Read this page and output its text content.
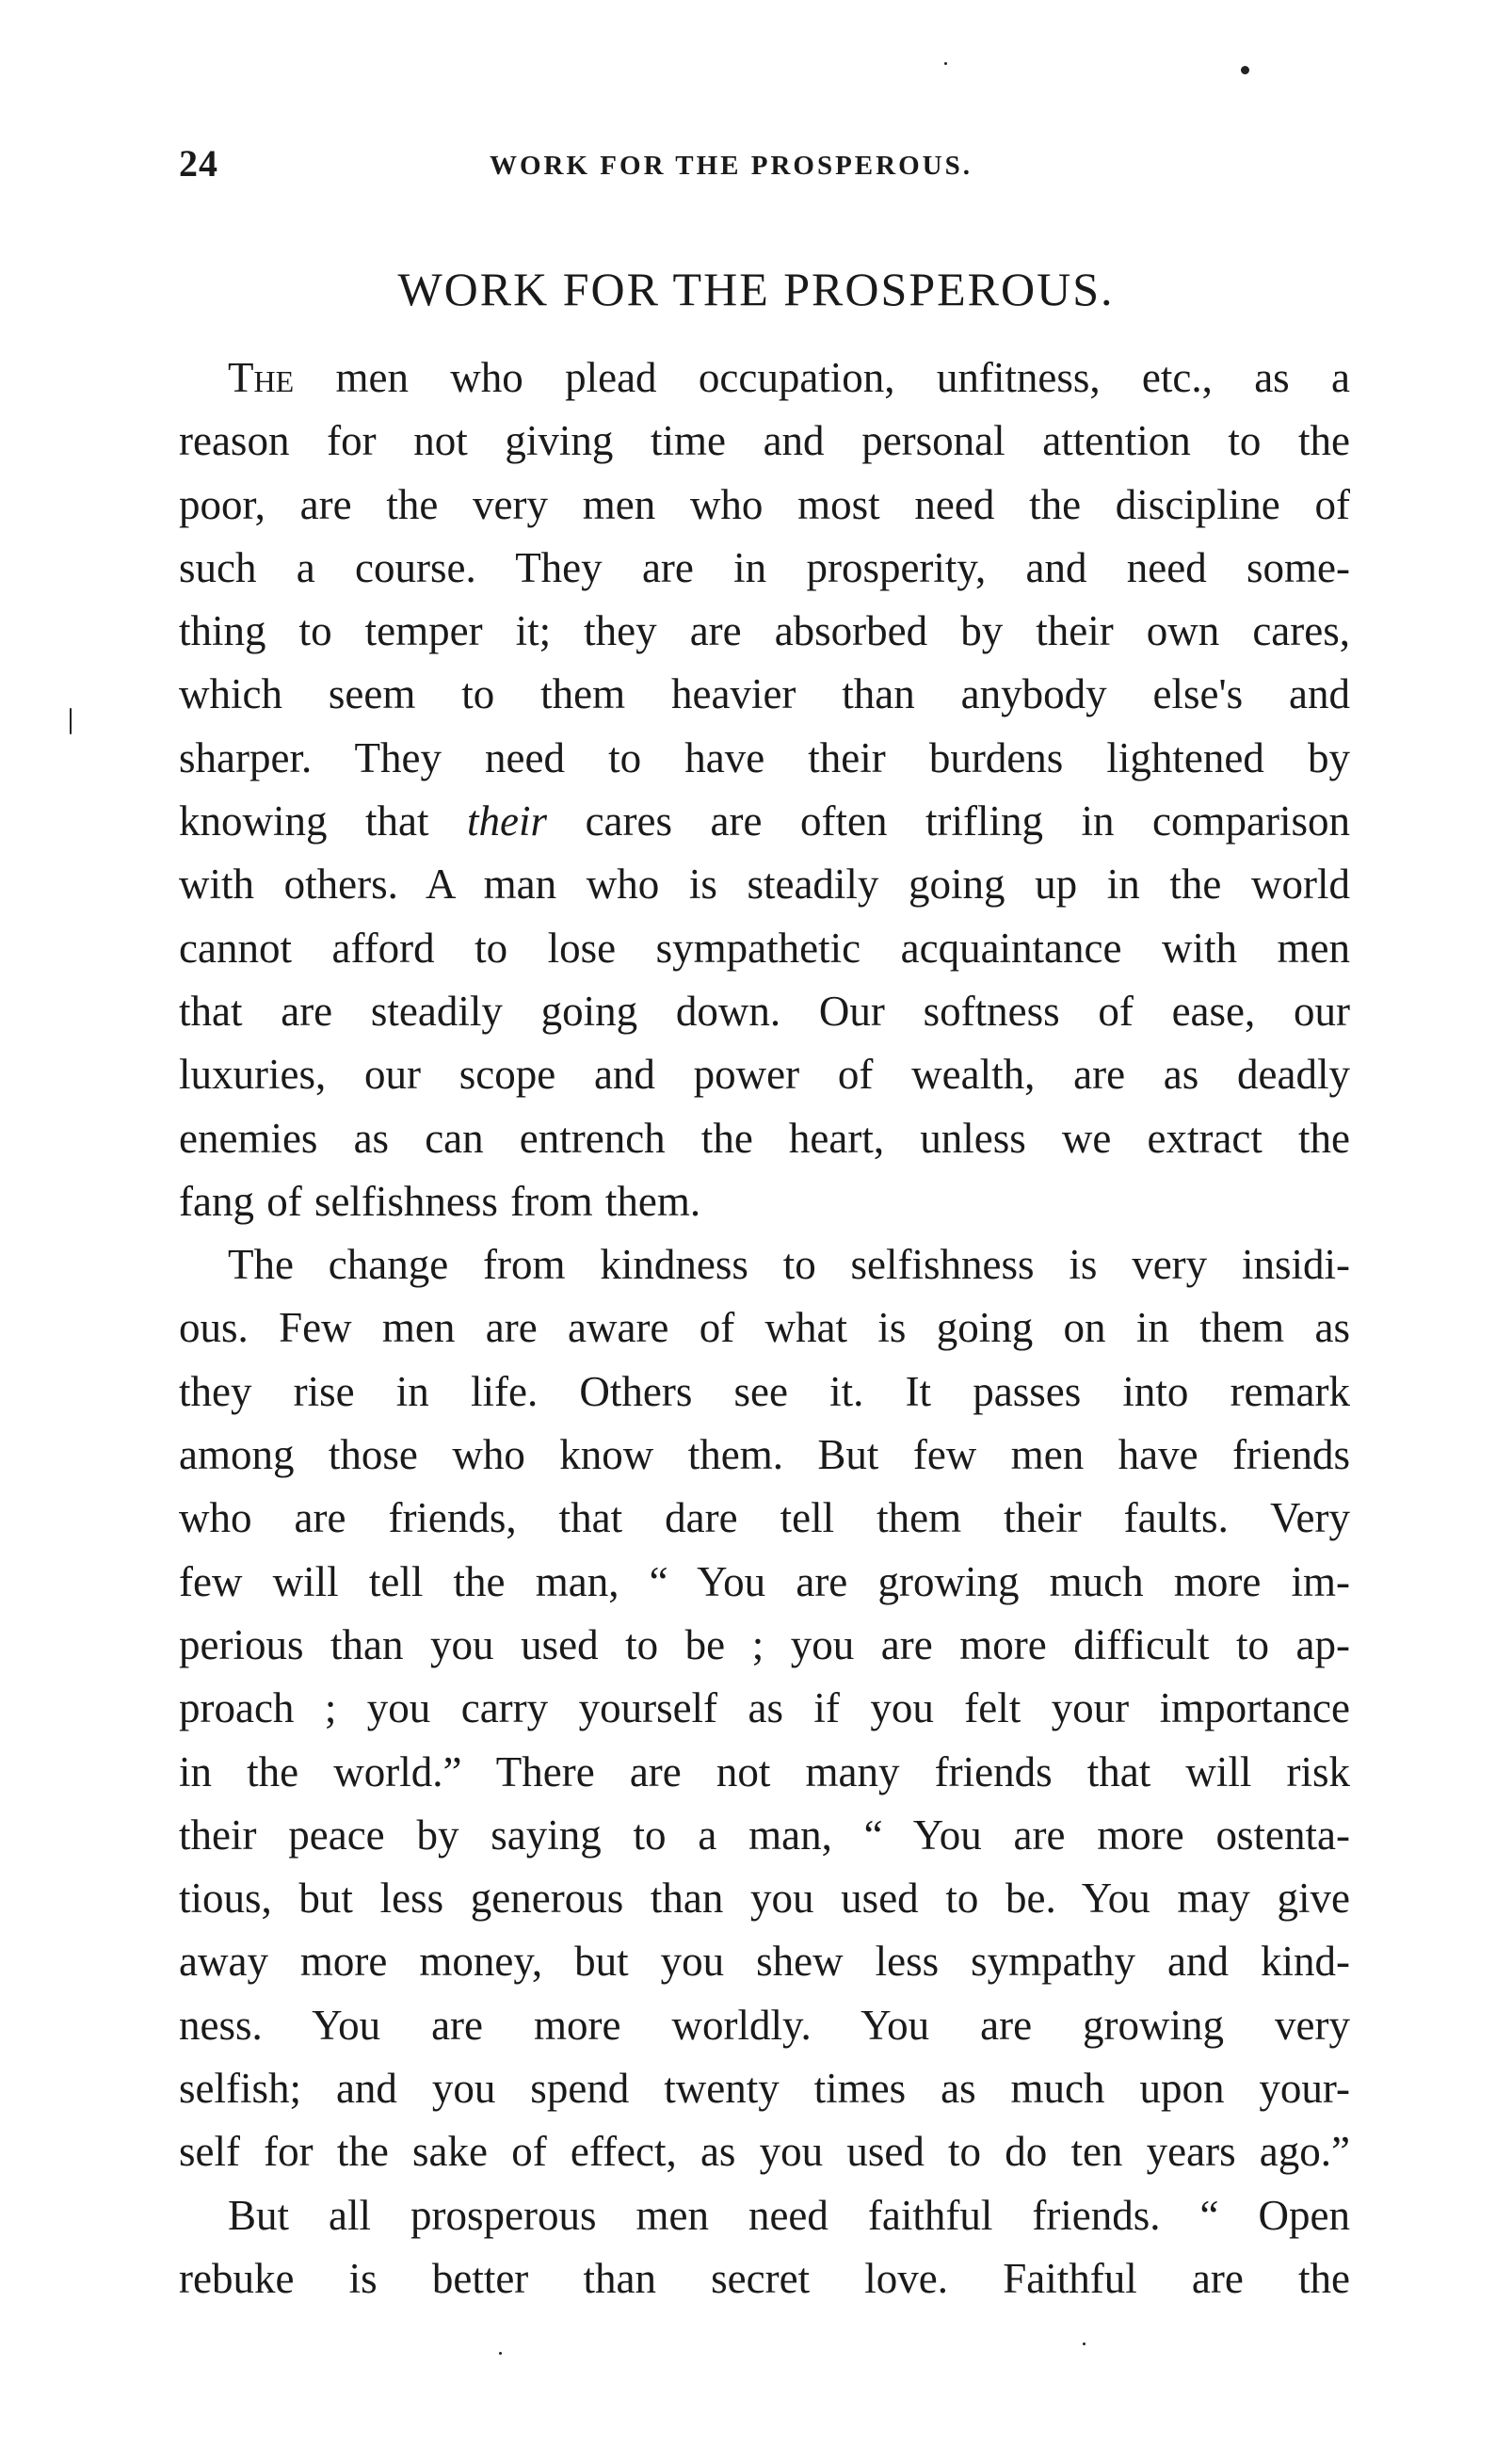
24	WORK FOR THE PROSPEROUS.
WORK FOR THE PROSPEROUS.
The men who plead occupation, unfitness, etc., as a
reason for not giving time and personal attention to the
poor, are the very men who most need the discipline of
such a course. They are in prosperity, and need some-
thing to temper it; they are absorbed by their own cares,
which seem to them heavier than anybody else's and
sharper. They need to have their burdens lightened by
knowing that their cares are often trifling in comparison
with others. A man who is steadily going up in the world
cannot afford to lose sympathetic acquaintance with men
that are steadily going down. Our softness of ease, our
luxuries, our scope and power of wealth, are as deadly
enemies as can entrench the heart, unless we extract the
fang of selfishness from them.
The change from kindness to selfishness is very insidi-
ous. Few men are aware of what is going on in them as
they rise in life. Others see it. It passes into remark
among those who know them. But few men have friends
who are friends, that dare tell them their faults. Very
few will tell the man, “ You are growing much more im-
perious than you used to be ; you are more difficult to ap-
proach ; you carry yourself as if you felt your importance
in the world.” There are not many friends that will risk
their peace by saying to a man, “ You are more ostenta-
tious, but less generous than you used to be. You may give
away more money, but you shew less sympathy and kind-
ness. You are more worldly. You are growing very
selfish; and you spend twenty times as much upon your-
self for the sake of effect, as you used to do ten years ago.”
But all prosperous men need faithful friends. “ Open
rebuke is better than secret love. Faithful are the
